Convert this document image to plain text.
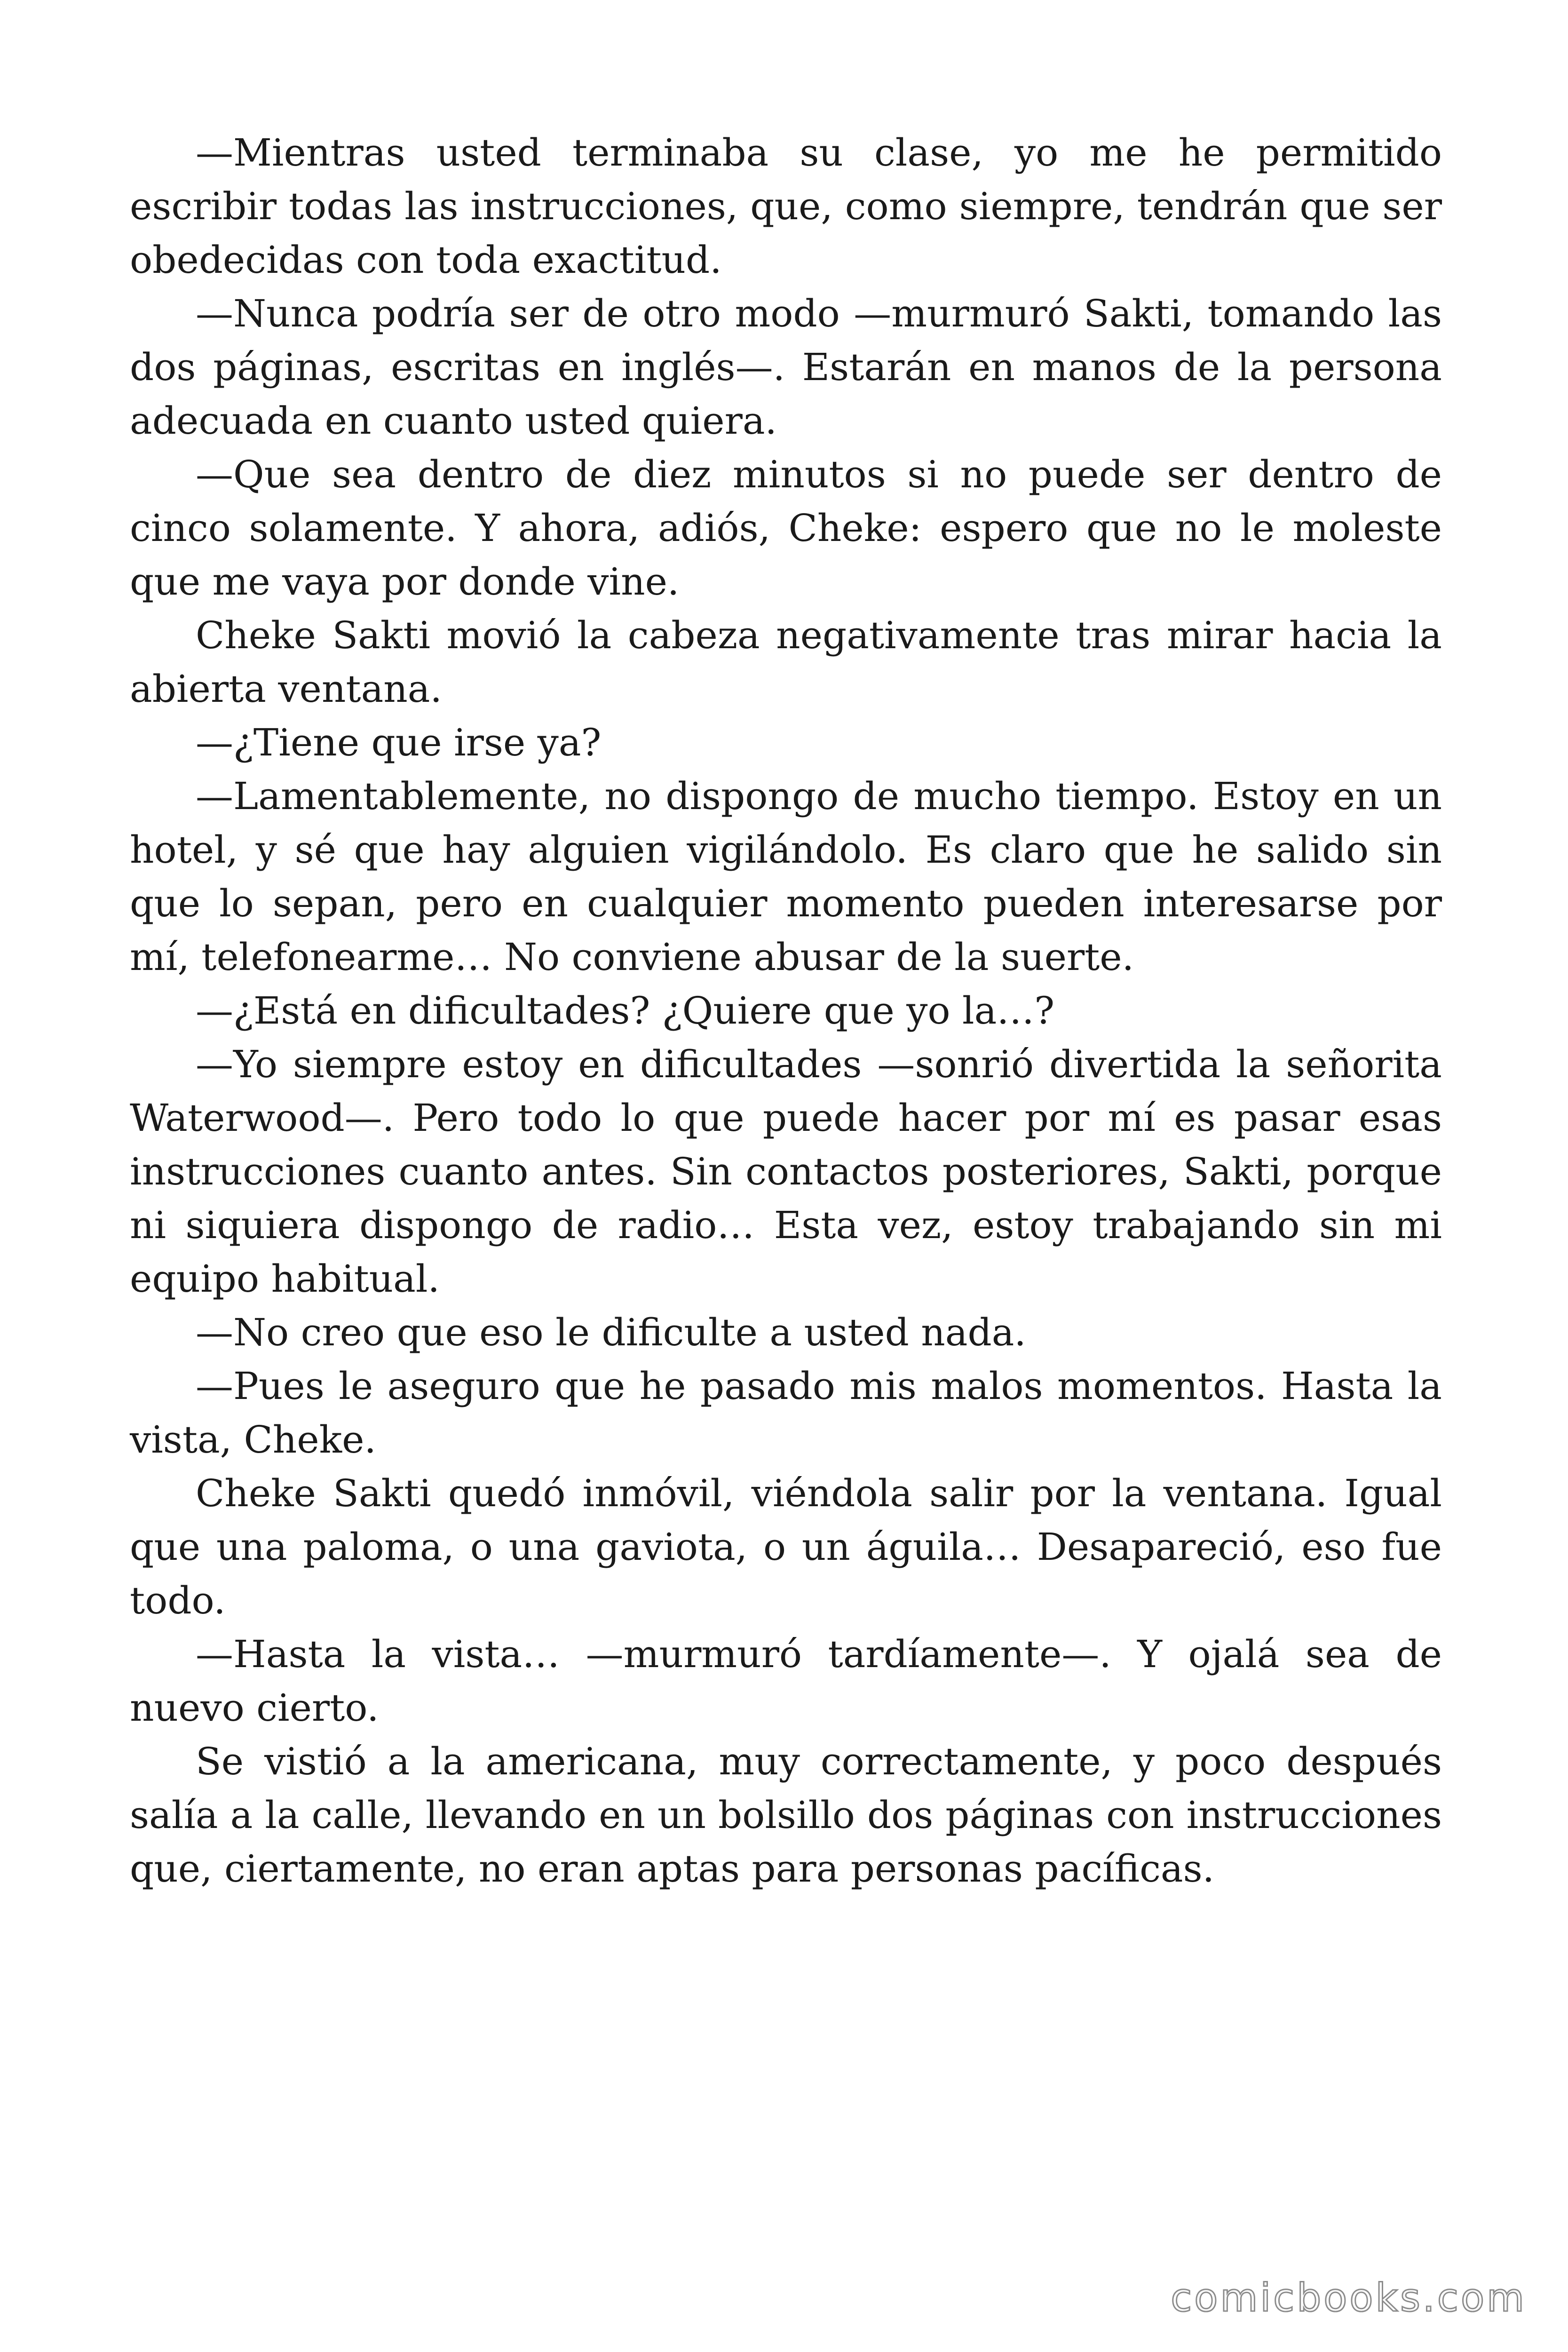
—Mientras usted terminaba su clase, yo me he permitido escribir todas las instrucciones, que, como siempre, tendrán que ser obedecidas con toda exactitud.

—Nunca podría ser de otro modo —murmuró Sakti, tomando las dos páginas, escritas en inglés—. Estarán en manos de la persona adecuada en cuanto usted quiera.

—Que sea dentro de diez minutos si no puede ser dentro de cinco solamente. Y ahora, adiós, Cheke: espero que no le moleste que me vaya por donde vine.

Cheke Sakti movió la cabeza negativamente tras mirar hacia la abierta ventana.

—¿Tiene que irse ya?

—Lamentablemente, no dispongo de mucho tiempo. Estoy en un hotel, y sé que hay alguien vigilándolo. Es claro que he salido sin que lo sepan, pero en cualquier momento pueden interesarse por mí, telefonearme… No conviene abusar de la suerte.

—¿Está en dificultades? ¿Quiere que yo la…?

—Yo siempre estoy en dificultades —sonrió divertida la señorita Waterwood—. Pero todo lo que puede hacer por mí es pasar esas instrucciones cuanto antes. Sin contactos posteriores, Sakti, porque ni siquiera dispongo de radio… Esta vez, estoy trabajando sin mi equipo habitual.

—No creo que eso le dificulte a usted nada.

—Pues le aseguro que he pasado mis malos momentos. Hasta la vista, Cheke.

Cheke Sakti quedó inmóvil, viéndola salir por la ventana. Igual que una paloma, o una gaviota, o un águila… Desapareció, eso fue todo.

—Hasta la vista… —murmuró tardíamente—. Y ojalá sea de nuevo cierto.

Se vistió a la americana, muy correctamente, y poco después salía a la calle, llevando en un bolsillo dos páginas con instrucciones que, ciertamente, no eran aptas para personas pacíficas.

comicbooks.com
